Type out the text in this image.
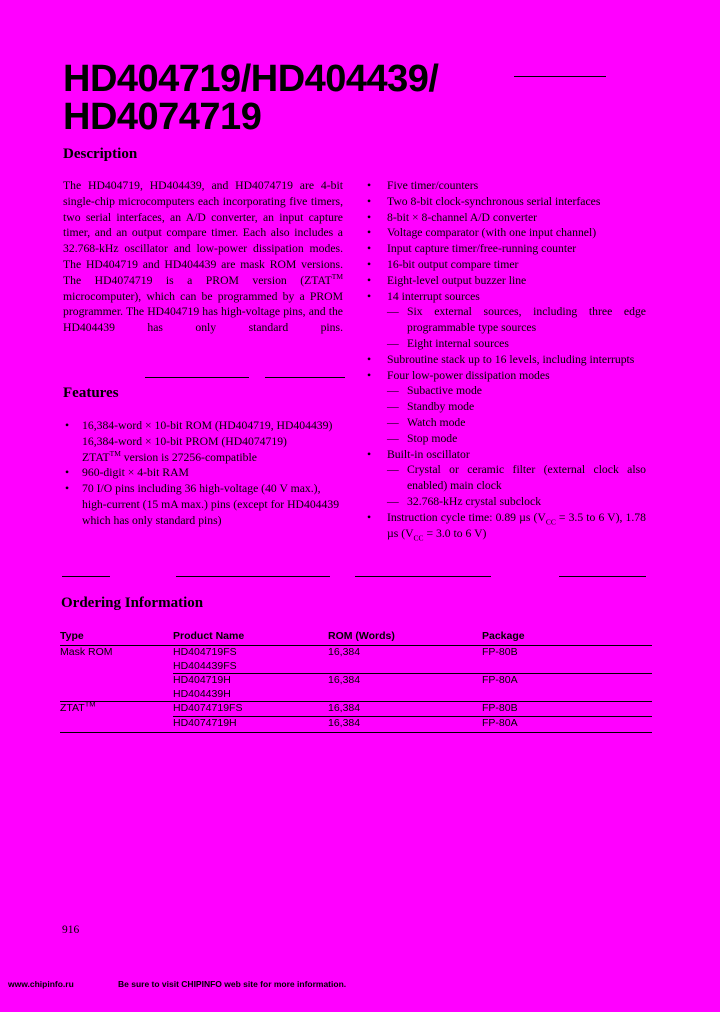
HD404719/HD404439/
HD4074719
Description
The HD404719, HD404439, and HD4074719 are 4-bit single-chip microcomputers each incorporating five timers, two serial interfaces, an A/D converter, an input capture timer, and an output compare timer. Each also includes a 32.768-kHz oscillator and low-power dissipation modes. The HD404719 and HD404439 are mask ROM versions. The HD4074719 is a PROM version (ZTAT™ microcomputer), which can be programmed by a PROM programmer. The HD404719 has high-voltage pins, and the HD404439 has only standard pins.
Features
• 16,384-word × 10-bit ROM (HD404719, HD404439)
16,384-word × 10-bit PROM (HD4074719)
ZTAT™ version is 27256-compatible
• 960-digit × 4-bit RAM
• 70 I/O pins including 36 high-voltage (40 V max.), high-current (15 mA max.) pins (except for HD404439 which has only standard pins)
• Five timer/counters
• Two 8-bit clock-synchronous serial interfaces
• 8-bit × 8-channel A/D converter
• Voltage comparator (with one input channel)
• Input capture timer/free-running counter
• 16-bit output compare timer
• Eight-level output buzzer line
• 14 interrupt sources
— Six external sources, including three edge programmable type sources
— Eight internal sources
• Subroutine stack up to 16 levels, including interrupts
• Four low-power dissipation modes
— Subactive mode
— Standby mode
— Watch mode
— Stop mode
• Built-in oscillator
— Crystal or ceramic filter (external clock also enabled) main clock
— 32.768-kHz crystal subclock
• Instruction cycle time: 0.89 µs ($V_{CC} = 3.5$ to 6 V), 1.78 µs ($V_{CC} = 3.0$ to 6 V)
Ordering Information
Type	Product Name	ROM (Words)	Package
Mask ROM	HD404719FS	16,384	FP-80B
	HD404439FS		
	HD404719H	16,384	FP-80A
	HD404439H		
ZTAT™	HD4074719FS	16,384	FP-80B
	HD4074719H	16,384	FP-80A
916
www.chipinfo.ru	Be sure to visit CHIPINFO web site for more information.
